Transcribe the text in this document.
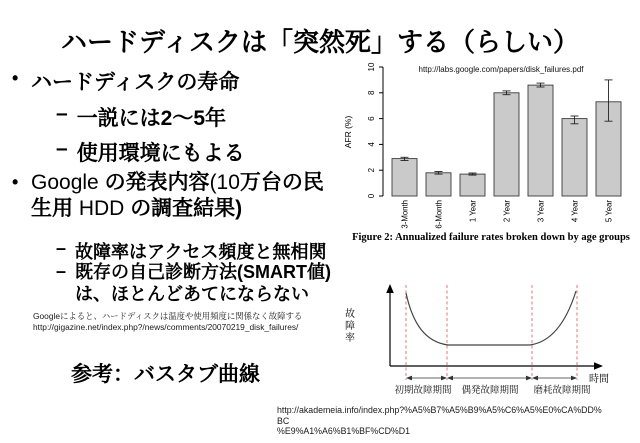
ハードディスクは「突然死」する（らしい）
• ハードディスクの寿命
– 一説には2～5年
– 使用環境にもよる
• Google の発表内容(10万台の民
生用 HDD の調査結果)
– 故障率はアクセス頻度と無相関
– 既存の自己診断方法(SMART値)
は、ほとんどあてにならない
Googleによると、ハードディスクは温度や使用頻度に関係なく故障する
http://gigazine.net/index.php?/news/comments/20070219_disk_failures/
参考：バスタブ曲線
http://labs.google.com/papers/disk_failures.pdf
0
2
4
6
8
10
AFR (%)
3-Month	6-Month	1 Year	2 Year	3 Year	4 Year	5 Year
Figure 2: Annualized failure rates broken down by age groups
故
障
率
時間
初期故障期間 偶発故障期間 磨耗故障期間
http://akademeia.info/index.php?%A5%B7%A5%B9%A5%C6%A5%E0%CA%DD%BC
%E9%A1%A6%B1%BF%CD%D1
